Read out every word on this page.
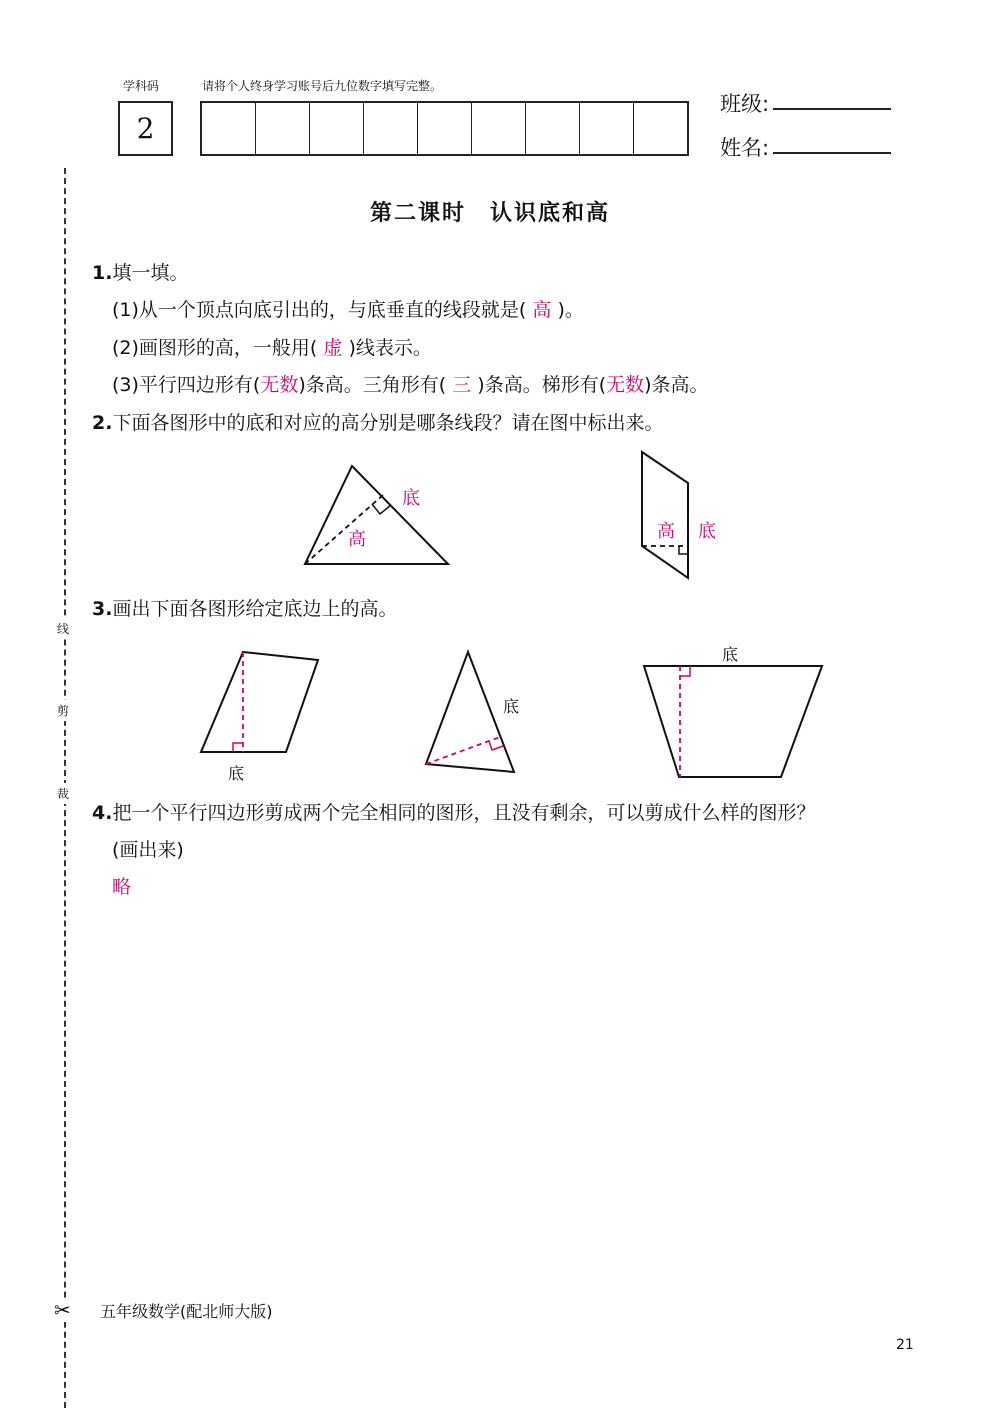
学科码	请将个人终身学习账号后九位数字填写完整。
2
班级:
姓名:
线
剪
裁
✂
第二课时　认识底和高
1.填一填。
(1)从一个顶点向底引出的，与底垂直的线段就是( 高 )。
(2)画图形的高，一般用( 虚 )线表示。
(3)平行四边形有(无数)条高。三角形有( 三 )条高。梯形有(无数)条高。
2.下面各图形中的底和对应的高分别是哪条线段？请在图中标出来。
3.画出下面各图形给定底边上的高。
4.把一个平行四边形剪成两个完全相同的图形，且没有剩余，可以剪成什么样的图形？
(画出来)
略
底
高	高 底
底
底
底
五年级数学(配北师大版)
21
